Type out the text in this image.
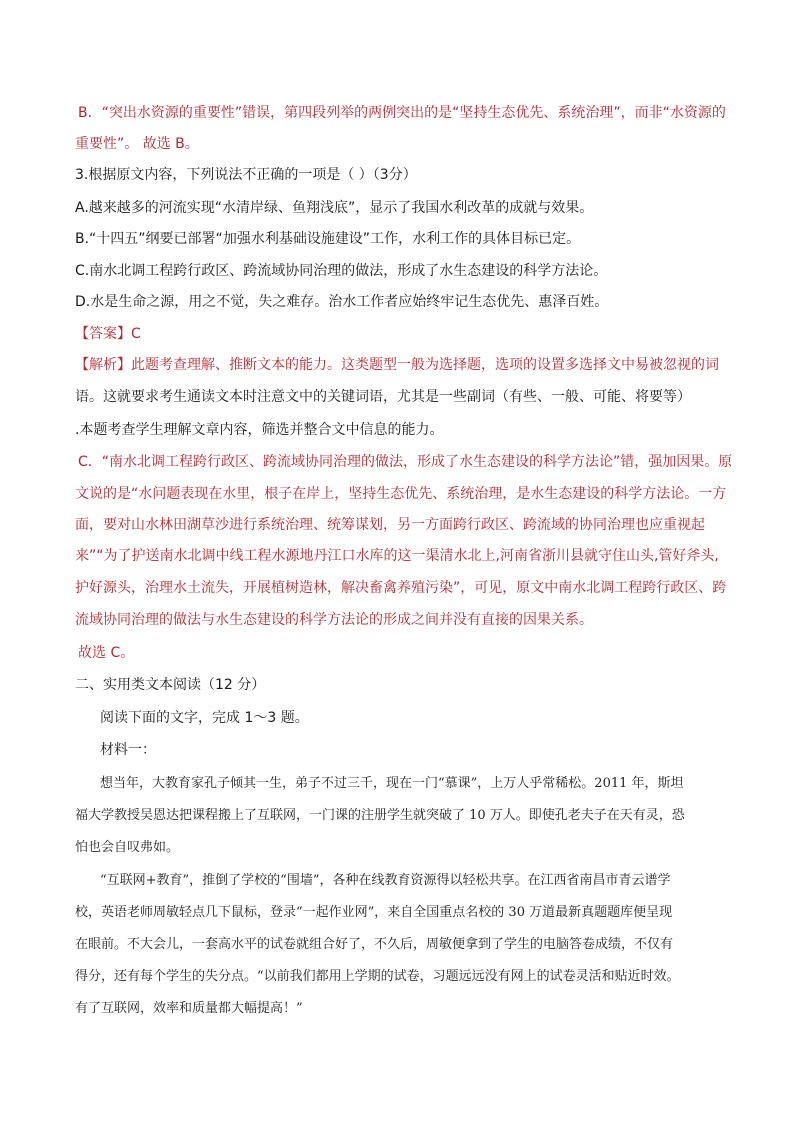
B．“突出水资源的重要性”错误，第四段列举的两例突出的是“坚持生态优先、系统治理”，而非“水资源的
重要性”。 故选 B。
3.根据原文内容，下列说法不正确的一项是（ ）（3分）
A.越来越多的河流实现“水清岸绿、鱼翔浅底”，显示了我国水利改革的成就与效果。
B.“十四五”纲要已部署“加强水利基础设施建设”工作，水利工作的具体目标已定。
C.南水北调工程跨行政区、跨流域协同治理的做法，形成了水生态建设的科学方法论。
D.水是生命之源，用之不觉，失之难存。治水工作者应始终牢记生态优先、惠泽百姓。
【答案】C
【解析】此题考查理解、推断文本的能力。这类题型一般为选择题，选项的设置多选择文中易被忽视的词
语。这就要求考生通读文本时注意文中的关键词语，尤其是一些副词（有些、一般、可能、将要等）
.本题考查学生理解文章内容，筛选并整合文中信息的能力。
C．“南水北调工程跨行政区、跨流域协同治理的做法，形成了水生态建设的科学方法论”错，强加因果。原
文说的是“水问题表现在水里，根子在岸上，坚持生态优先、系统治理，是水生态建设的科学方法论。一方
面，要对山水林田湖草沙进行系统治理、统筹谋划，另一方面跨行政区、跨流域的协同治理也应重视起
来”“为了护送南水北调中线工程水源地丹江口水库的这一渠清水北上,河南省浙川县就守住山头,管好斧头,
护好源头，治理水土流失，开展植树造林，解决畜禽养殖污染”，可见，原文中南水北调工程跨行政区、跨
流域协同治理的做法与水生态建设的科学方法论的形成之间并没有直接的因果关系。
故选 C。
二、实用类文本阅读（12 分）
阅读下面的文字，完成 1～3 题。
材料一：
想当年，大教育家孔子倾其一生，弟子不过三千，现在一门“慕课”，上万人乎常稀松。2011 年，斯坦
福大学教授吴恩达把课程搬上了互联网，一门课的注册学生就突破了 10 万人。即使孔老夫子在天有灵，恐
怕也会自叹弗如。
“互联网+教育”，推倒了学校的“围墙”，各种在线教育资源得以轻松共享。在江西省南昌市青云谱学
校，英语老师周敏轻点几下鼠标，登录“一起作业网”，来自全国重点名校的 30 万道最新真题题库便呈现
在眼前。不大会儿，一套高水平的试卷就组合好了，不久后，周敏便拿到了学生的电脑答卷成绩，不仅有
得分，还有每个学生的失分点。“以前我们都用上学期的试卷，习题远远没有网上的试卷灵活和贴近时效。
有了互联网，效率和质量都大幅提高！”
